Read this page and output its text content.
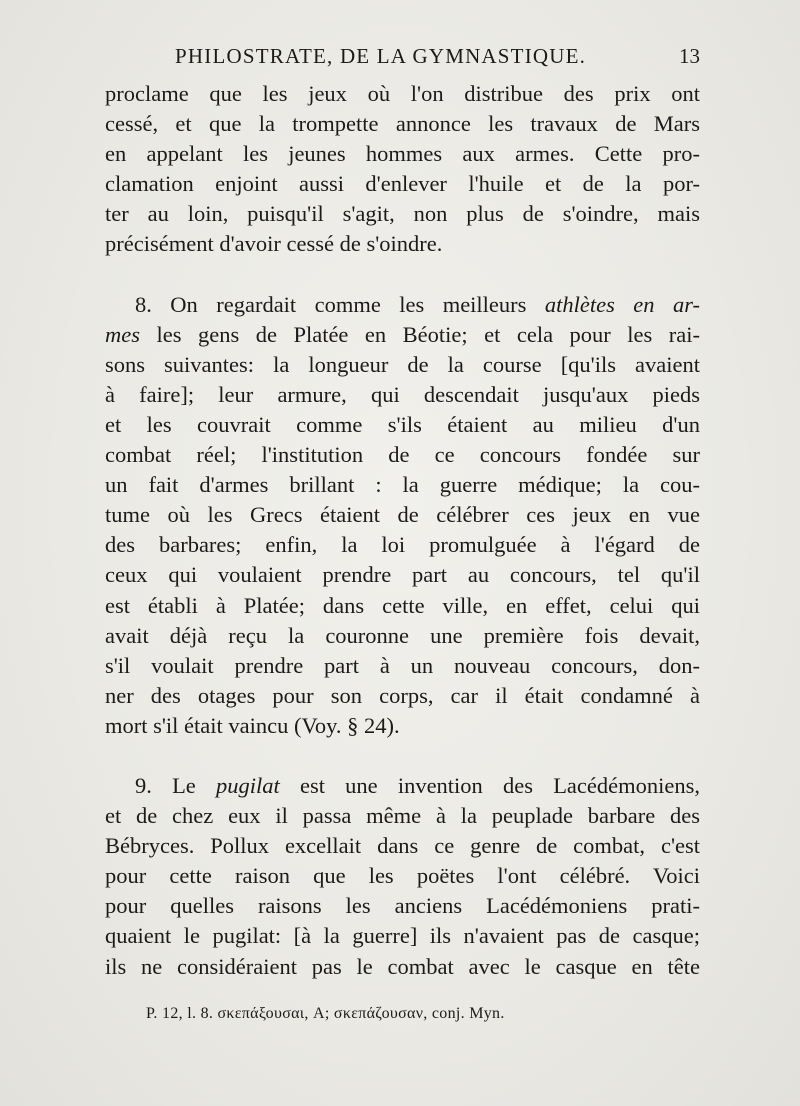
PHILOSTRATE, DE LA GYMNASTIQUE.	13
proclame que les jeux où l'on distribue des prix ont
cessé, et que la trompette annonce les travaux de Mars
en appelant les jeunes hommes aux armes. Cette pro-
clamation enjoint aussi d'enlever l'huile et de la por-
ter au loin, puisqu'il s'agit, non plus de s'oindre, mais
précisément d'avoir cessé de s'oindre.
8. On regardait comme les meilleurs athlètes en ar-
mes les gens de Platée en Béotie; et cela pour les rai-
sons suivantes: la longueur de la course [qu'ils avaient
à faire]; leur armure, qui descendait jusqu'aux pieds
et les couvrait comme s'ils étaient au milieu d'un
combat réel; l'institution de ce concours fondée sur
un fait d'armes brillant : la guerre médique; la cou-
tume où les Grecs étaient de célébrer ces jeux en vue
des barbares; enfin, la loi promulguée à l'égard de
ceux qui voulaient prendre part au concours, tel qu'il
est établi à Platée; dans cette ville, en effet, celui qui
avait déjà reçu la couronne une première fois devait,
s'il voulait prendre part à un nouveau concours, don-
ner des otages pour son corps, car il était condamné à
mort s'il était vaincu (Voy. § 24).
9. Le pugilat est une invention des Lacédémoniens,
et de chez eux il passa même à la peuplade barbare des
Bébryces. Pollux excellait dans ce genre de combat, c'est
pour cette raison que les poëtes l'ont célébré. Voici
pour quelles raisons les anciens Lacédémoniens prati-
quaient le pugilat: [à la guerre] ils n'avaient pas de casque;
ils ne considéraient pas le combat avec le casque en tête
P. 12, l. 8. σκεπάξουσαι, A; σκεπάζουσαν, conj. Myn.
